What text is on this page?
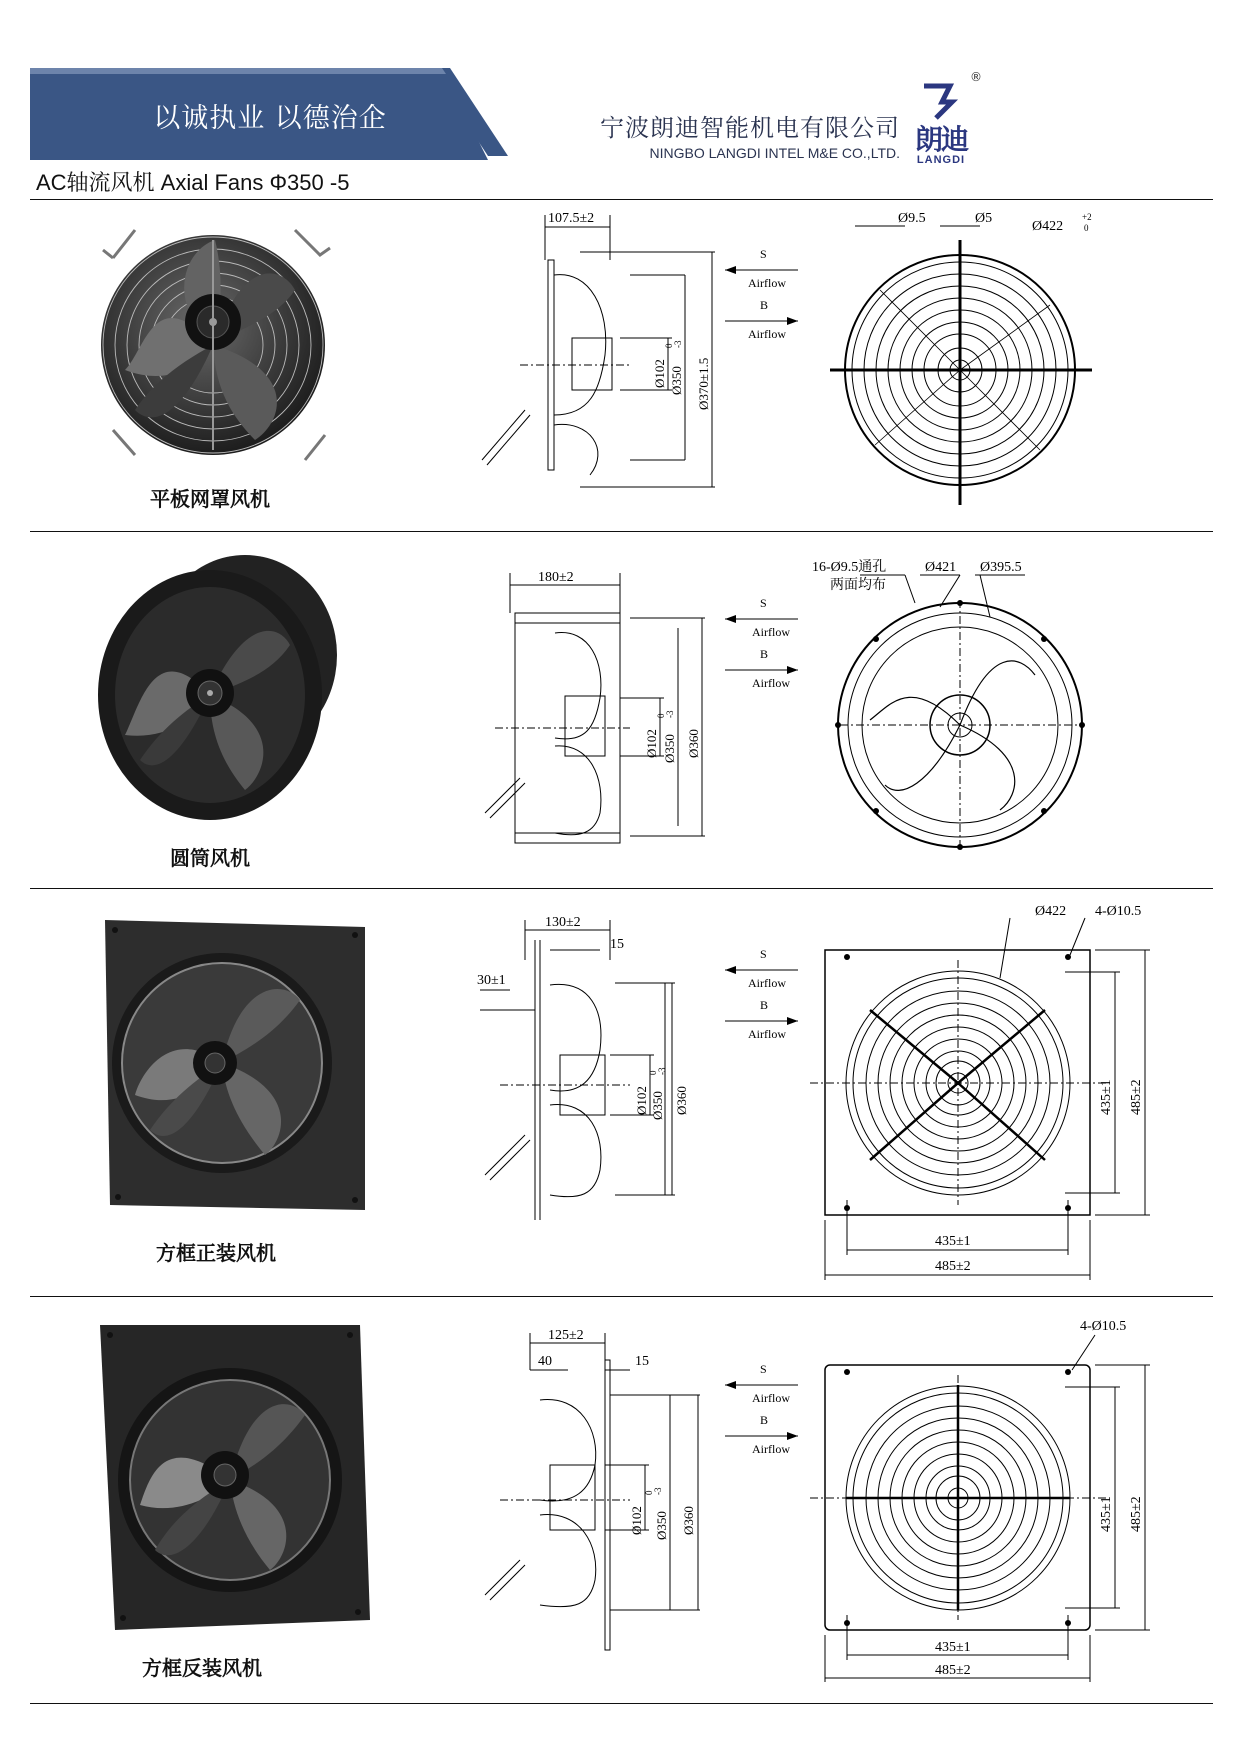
以诚执业 以德治企	宁波朗迪智能机电有限公司
NINGBO LANGDI INTEL M&E CO.,LTD.
®
朗迪
LANGDI
AC轴流风机 Axial Fans Φ350 -5
平板网罩风机
107.5±2
Ø102 Ø350
0 -3
Ø370±1.5
S
Airflow
B
Airflow
Ø9.5	Ø5
Ø422
+2
0
圆筒风机
180±2
Ø102 Ø350
0 -3
Ø360
S
Airflow
B
Airflow
16-Ø9.5通孔
两面均布
Ø421 Ø395.5
方框正装风机
130±2
15
30±1
Ø102 Ø350
0 -3
Ø360
S
Airflow
B
Airflow
Ø422 4-Ø10.5
435±1 485±2
435±1
485±2
方框反装风机
125±2
40	15
Ø102 Ø350
0 -3
Ø360
S
Airflow
B
Airflow
4-Ø10.5
435±1 485±2
435±1
485±2
